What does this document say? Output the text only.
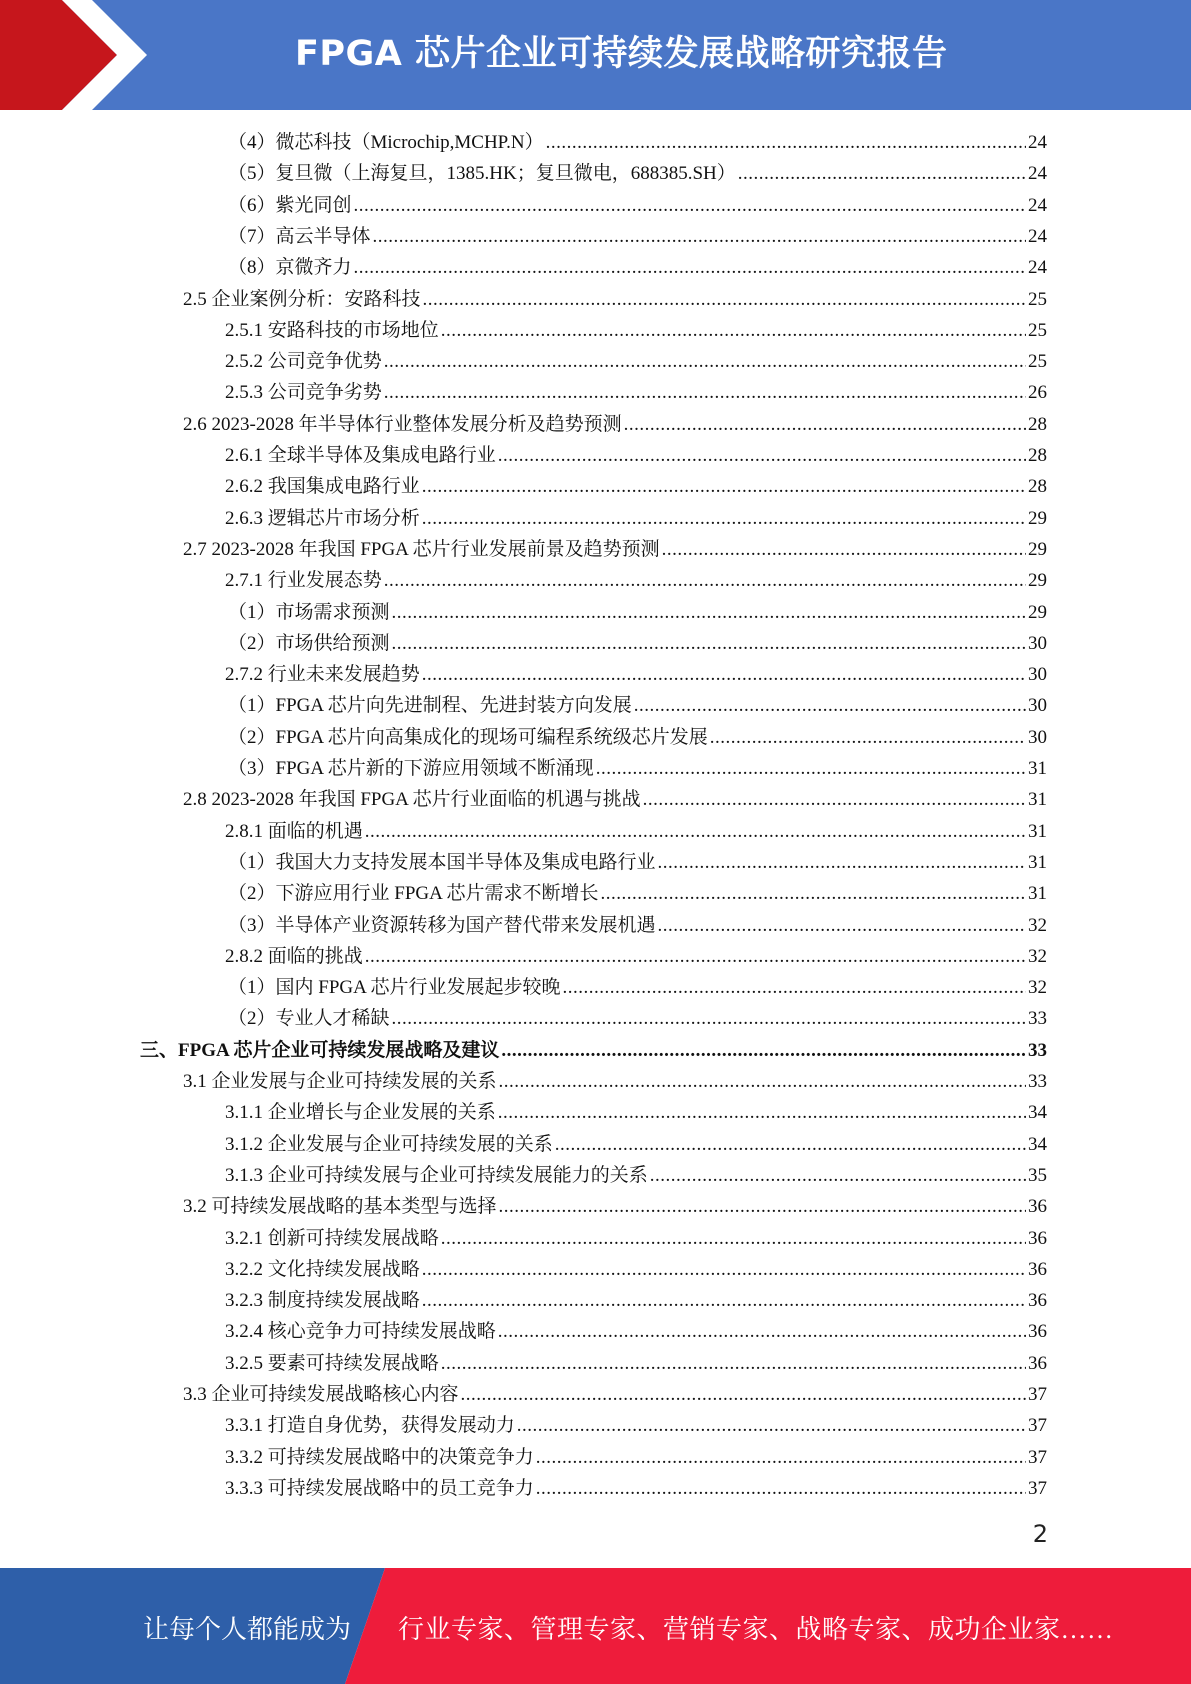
FPGA 芯片企业可持续发展战略研究报告
（4）微芯科技（Microchip,MCHP.N） .....	24
（5）复旦微（上海复旦，1385.HK；复旦微电，688385.SH） .....	24
（6）紫光同创 .....	24
（7）高云半导体 .....	24
（8）京微齐力 .....	24
2.5 企业案例分析：安路科技 .....	25
2.5.1 安路科技的市场地位 .....	25
2.5.2 公司竞争优势 .....	25
2.5.3 公司竞争劣势 .....	26
2.6 2023-2028 年半导体行业整体发展分析及趋势预测 .....	28
2.6.1 全球半导体及集成电路行业 .....	28
2.6.2 我国集成电路行业 .....	28
2.6.3 逻辑芯片市场分析 .....	29
2.7 2023-2028 年我国 FPGA 芯片行业发展前景及趋势预测 .....	29
2.7.1 行业发展态势 .....	29
（1）市场需求预测 .....	29
（2）市场供给预测 .....	30
2.7.2 行业未来发展趋势 .....	30
（1）FPGA 芯片向先进制程、先进封装方向发展 .....	30
（2）FPGA 芯片向高集成化的现场可编程系统级芯片发展 .....	30
（3）FPGA 芯片新的下游应用领域不断涌现 .....	31
2.8 2023-2028 年我国 FPGA 芯片行业面临的机遇与挑战 .....	31
2.8.1 面临的机遇 .....	31
（1）我国大力支持发展本国半导体及集成电路行业 .....	31
（2）下游应用行业 FPGA 芯片需求不断增长 .....	31
（3）半导体产业资源转移为国产替代带来发展机遇 .....	32
2.8.2 面临的挑战 .....	32
（1）国内 FPGA 芯片行业发展起步较晚 .....	32
（2）专业人才稀缺 .....	33
三、FPGA 芯片企业可持续发展战略及建议 .....	33
3.1 企业发展与企业可持续发展的关系 .....	33
3.1.1 企业增长与企业发展的关系 .....	34
3.1.2 企业发展与企业可持续发展的关系 .....	34
3.1.3 企业可持续发展与企业可持续发展能力的关系 .....	35
3.2 可持续发展战略的基本类型与选择 .....	36
3.2.1 创新可持续发展战略 .....	36
3.2.2 文化持续发展战略 .....	36
3.2.3 制度持续发展战略 .....	36
3.2.4 核心竞争力可持续发展战略 .....	36
3.2.5 要素可持续发展战略 .....	36
3.3 企业可持续发展战略核心内容 .....	37
3.3.1 打造自身优势，获得发展动力 .....	37
3.3.2 可持续发展战略中的决策竞争力 .....	37
3.3.3 可持续发展战略中的员工竞争力 .....	37
2
让每个人都能成为 行业专家、管理专家、营销专家、战略专家、成功企业家……
